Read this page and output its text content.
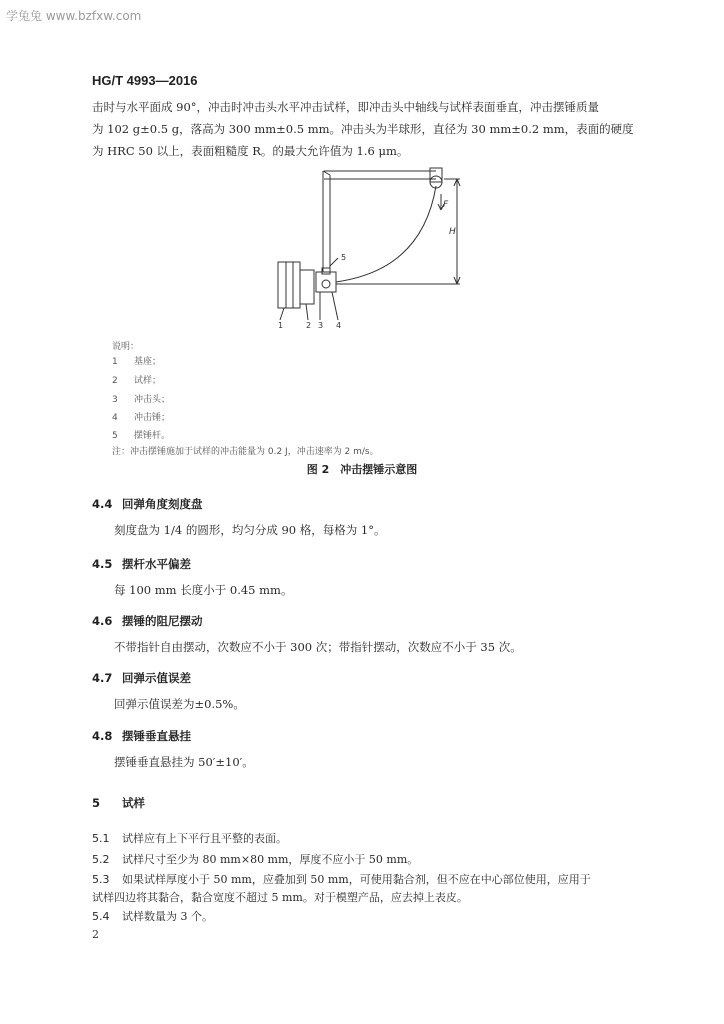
学兔兔 www.bzfxw.com
HG/T 4993—2016
击时与水平面成 90°，冲击时冲击头水平冲击试样，即冲击头中轴线与试样表面垂直，冲击摆锤质量
为 102 g±0.5 g，落高为 300 mm±0.5 mm。冲击头为半球形，直径为 30 mm±0.2 mm，表面的硬度
为 HRC 50 以上，表面粗糙度 R。的最大允许值为 1.6 μm。
F
H
5
1	2 3 4
说明：
1 基座；
2 试样；
3 冲击头；
4 冲击锤；
5 摆锤杆。
注：冲击摆锤施加于试样的冲击能量为 0.2 J，冲击速率为 2 m/s。
图 2　冲击摆锤示意图
4.4 回弹角度刻度盘
刻度盘为 1/4 的圆形，均匀分成 90 格，每格为 1°。
4.5 摆杆水平偏差
每 100 mm 长度小于 0.45 mm。
4.6 摆锤的阻尼摆动
不带指针自由摆动，次数应不小于 300 次；带指针摆动，次数应不小于 35 次。
4.7 回弹示值误差
回弹示值误差为±0.5%。
4.8 摆锤垂直悬挂
摆锤垂直悬挂为 50′±10′。
5 试样
5.1 试样应有上下平行且平整的表面。
5.2 试样尺寸至少为 80 mm×80 mm，厚度不应小于 50 mm。
5.3 如果试样厚度小于 50 mm，应叠加到 50 mm，可使用黏合剂，但不应在中心部位使用，应用于
试样四边将其黏合，黏合宽度不超过 5 mm。对于模塑产品，应去掉上表皮。
5.4 试样数量为 3 个。
2
